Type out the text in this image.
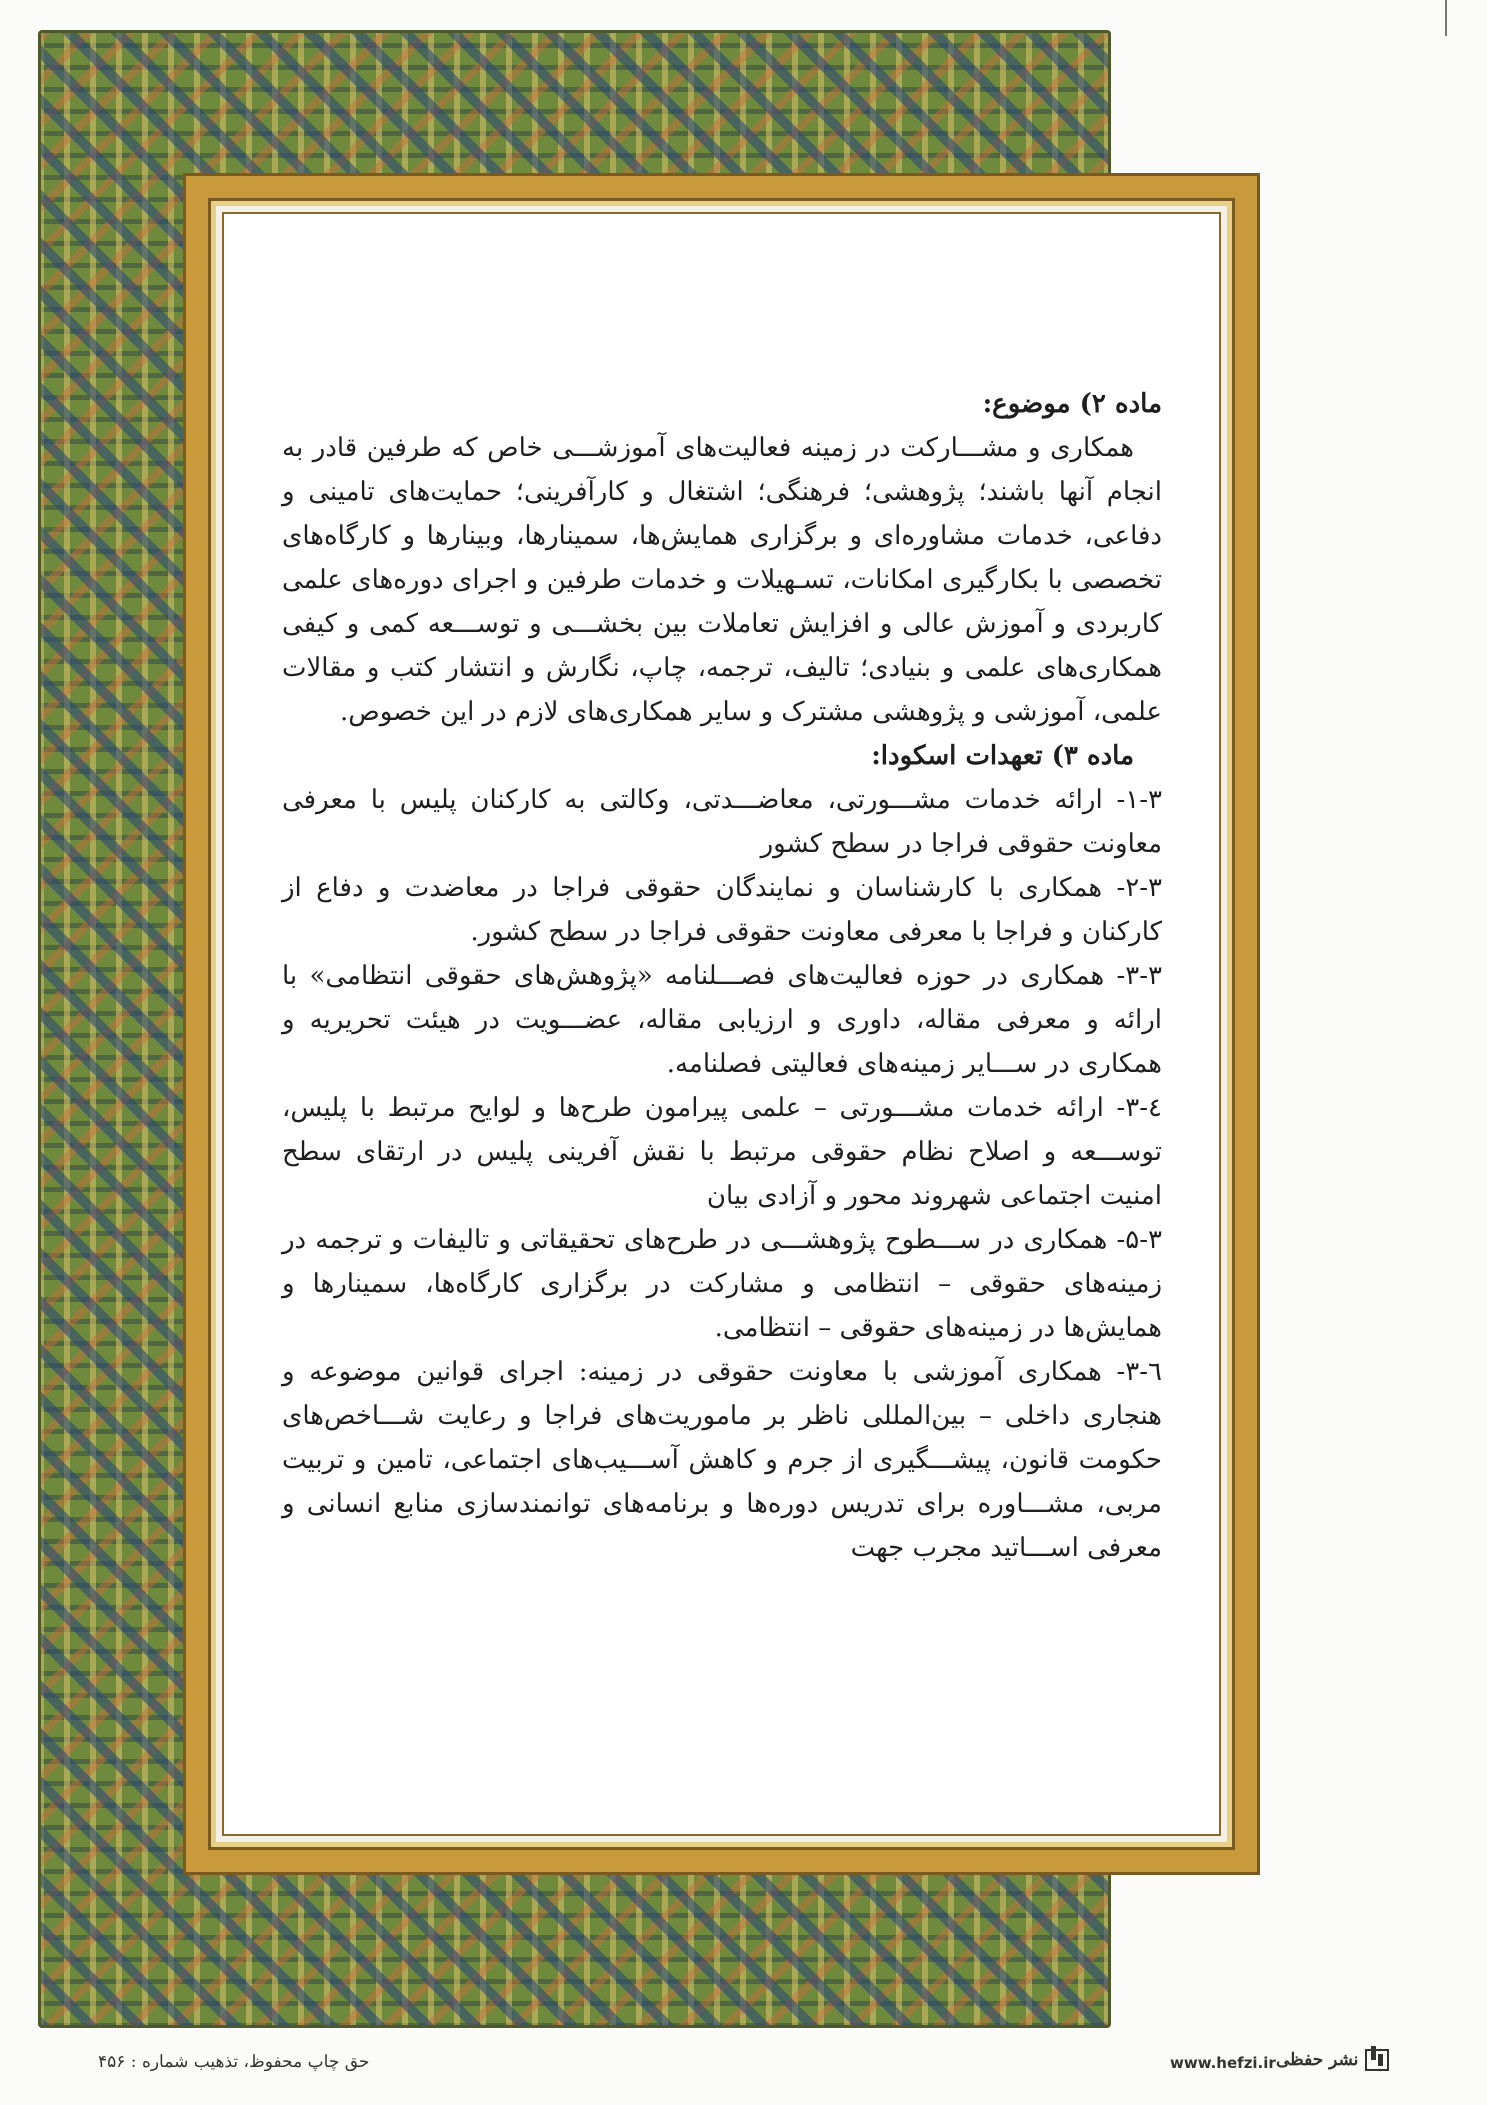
ماده ۲) موضوع:

همکاری و مشـــارکت در زمینه فعالیت‌های آموزشـــی خاص که طرفین قادر به انجام آنها باشند؛ پژوهشی؛ فرهنگی؛ اشتغال و کارآفرینی؛ حمایت‌های تامینی و دفاعی، خدمات مشاوره‌ای و برگزاری همایش‌ها، سمینارها، وبینارها و کارگاه‌های تخصصی با بکارگیری امکانات، تسـهیلات و خدمات طرفین و اجرای دوره‌های علمی کاربردی و آموزش عالی و افزایش تعاملات بین بخشـــی و توســـعه کمی و کیفی همکاری‌های علمی و بنیادی؛ تالیف، ترجمه، چاپ، نگارش و انتشار کتب و مقالات علمی، آموزشی و پژوهشی مشترک و سایر همکاری‌های لازم در این خصوص.

ماده ۳) تعهدات اسکودا:

۱-۳- ارائه خدمات مشـــورتی، معاضـــدتی، وکالتی به کارکنان پلیس با معرفی معاونت حقوقی فراجا در سطح کشور

۲-۳- همکاری با کارشناسان و نمایندگان حقوقی فراجا در معاضدت و دفاع از کارکنان و فراجا با معرفی معاونت حقوقی فراجا در سطح کشور.

۳-۳- همکاری در حوزه فعالیت‌های فصـــلنامه «پژوهش‌های حقوقی انتظامی» با ارائه و معرفی مقاله، داوری و ارزیابی مقاله، عضـــویت در هیئت تحریریه و همکاری در ســـایر زمینه‌های فعالیتی فصلنامه.

٤-۳- ارائه خدمات مشـــورتی – علمی پیرامون طرح‌ها و لوایح مرتبط با پلیس، توســـعه و اصلاح نظام حقوقی مرتبط با نقش آفرینی پلیس در ارتقای سطح امنیت اجتماعی شهروند محور و آزادی بیان

۵-۳- همکاری در ســـطوح پژوهشـــی در طرح‌های تحقیقاتی و تالیفات و ترجمه در زمینه‌های حقوقی – انتظامی و مشارکت در برگزاری کارگاه‌ها، سمینارها و همایش‌ها در زمینه‌های حقوقی – انتظامی.

٦-۳- همکاری آموزشی با معاونت حقوقی در زمینه: اجرای قوانین موضوعه و هنجاری داخلی – بین‌المللی ناظر بر ماموریت‌های فراجا و رعایت شـــاخص‌های حکومت قانون، پیشـــگیری از جرم و کاهش آســـیب‌های اجتماعی، تامین و تربیت مربی، مشـــاوره برای تدریس دوره‌ها و برنامه‌های توانمندسازی منابع انسانی و معرفی اســـاتید مجرب جهت

حق چاپ محفوظ، تذهیب شماره : ۴۵۶	www.hefzi.ir نشر حفظی
